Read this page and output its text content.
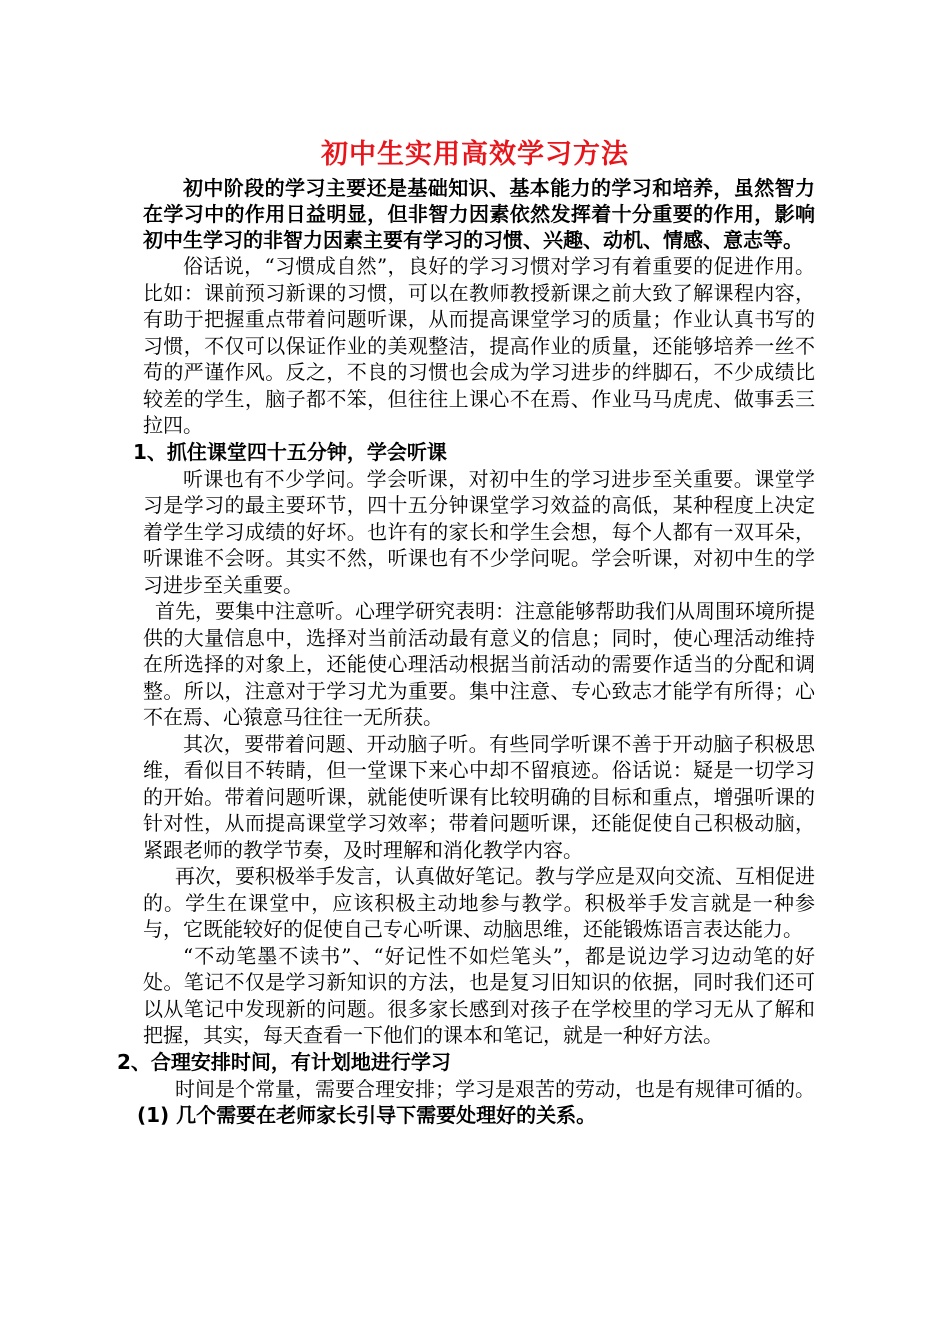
初中生实用高效学习方法

初中阶段的学习主要还是基础知识、基本能力的学习和培养，虽然智力在学习中的作用日益明显，但非智力因素依然发挥着十分重要的作用，影响初中生学习的非智力因素主要有学习的习惯、兴趣、动机、情感、意志等。

俗话说，“习惯成自然”，良好的学习习惯对学习有着重要的促进作用。比如：课前预习新课的习惯，可以在教师教授新课之前大致了解课程内容，有助于把握重点带着问题听课，从而提高课堂学习的质量；作业认真书写的习惯，不仅可以保证作业的美观整洁，提高作业的质量，还能够培养一丝不苟的严谨作风。反之，不良的习惯也会成为学习进步的绊脚石，不少成绩比较差的学生，脑子都不笨，但往往上课心不在焉、作业马马虎虎、做事丢三拉四。

1、抓住课堂四十五分钟，学会听课

听课也有不少学问。学会听课，对初中生的学习进步至关重要。课堂学习是学习的最主要环节，四十五分钟课堂学习效益的高低，某种程度上决定着学生学习成绩的好坏。也许有的家长和学生会想，每个人都有一双耳朵，听课谁不会呀。其实不然，听课也有不少学问呢。学会听课，对初中生的学习进步至关重要。

首先，要集中注意听。心理学研究表明：注意能够帮助我们从周围环境所提供的大量信息中，选择对当前活动最有意义的信息；同时，使心理活动维持在所选择的对象上，还能使心理活动根据当前活动的需要作适当的分配和调整。所以，注意对于学习尤为重要。集中注意、专心致志才能学有所得；心不在焉、心猿意马往往一无所获。

其次，要带着问题、开动脑子听。有些同学听课不善于开动脑子积极思维，看似目不转睛，但一堂课下来心中却不留痕迹。俗话说：疑是一切学习的开始。带着问题听课，就能使听课有比较明确的目标和重点，增强听课的针对性，从而提高课堂学习效率；带着问题听课，还能促使自己积极动脑，紧跟老师的教学节奏，及时理解和消化教学内容。

再次，要积极举手发言，认真做好笔记。教与学应是双向交流、互相促进的。学生在课堂中，应该积极主动地参与教学。积极举手发言就是一种参与，它既能较好的促使自己专心听课、动脑思维，还能锻炼语言表达能力。

“不动笔墨不读书”、“好记性不如烂笔头”，都是说边学习边动笔的好处。笔记不仅是学习新知识的方法，也是复习旧知识的依据，同时我们还可以从笔记中发现新的问题。很多家长感到对孩子在学校里的学习无从了解和把握，其实，每天查看一下他们的课本和笔记，就是一种好方法。

2、合理安排时间，有计划地进行学习

时间是个常量，需要合理安排；学习是艰苦的劳动，也是有规律可循的。

(1) 几个需要在老师家长引导下需要处理好的关系。
